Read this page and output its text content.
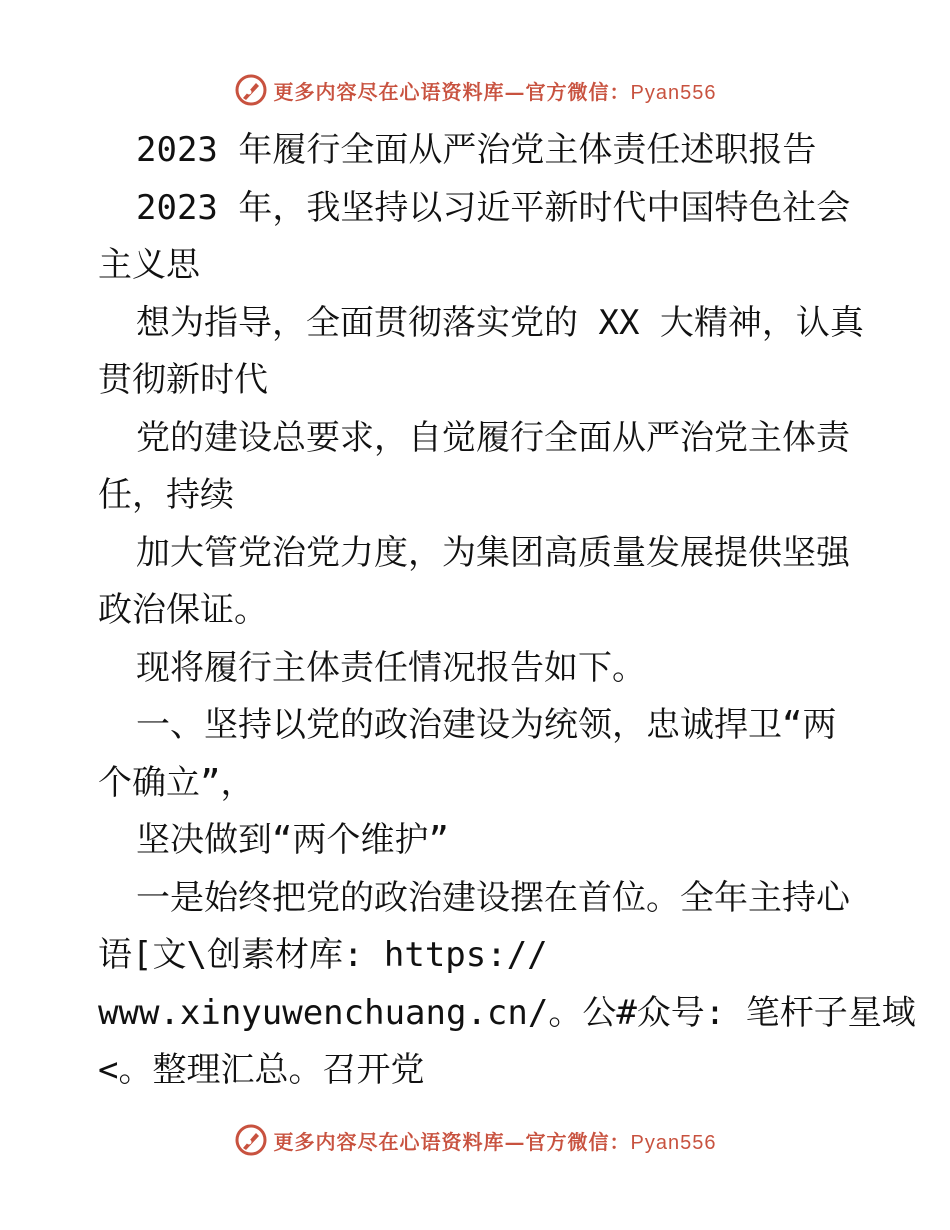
更多内容尽在心语资料库—官方微信：Pyan556
2023 年履行全面从严治党主体责任述职报告
2023 年，我坚持以习近平新时代中国特色社会
主义思
想为指导，全面贯彻落实党的 XX 大精神，认真
贯彻新时代
党的建设总要求，自觉履行全面从严治党主体责
任，持续
加大管党治党力度，为集团高质量发展提供坚强
政治保证。
现将履行主体责任情况报告如下。
一、坚持以党的政治建设为统领，忠诚捍卫“两
个确立”，
坚决做到“两个维护”
一是始终把党的政治建设摆在首位。全年主持心
语[文\创素材库: https://
www.xinyuwenchuang.cn/。公#众号: 笔杆子星域
<。整理汇总。召开党
更多内容尽在心语资料库—官方微信：Pyan556
